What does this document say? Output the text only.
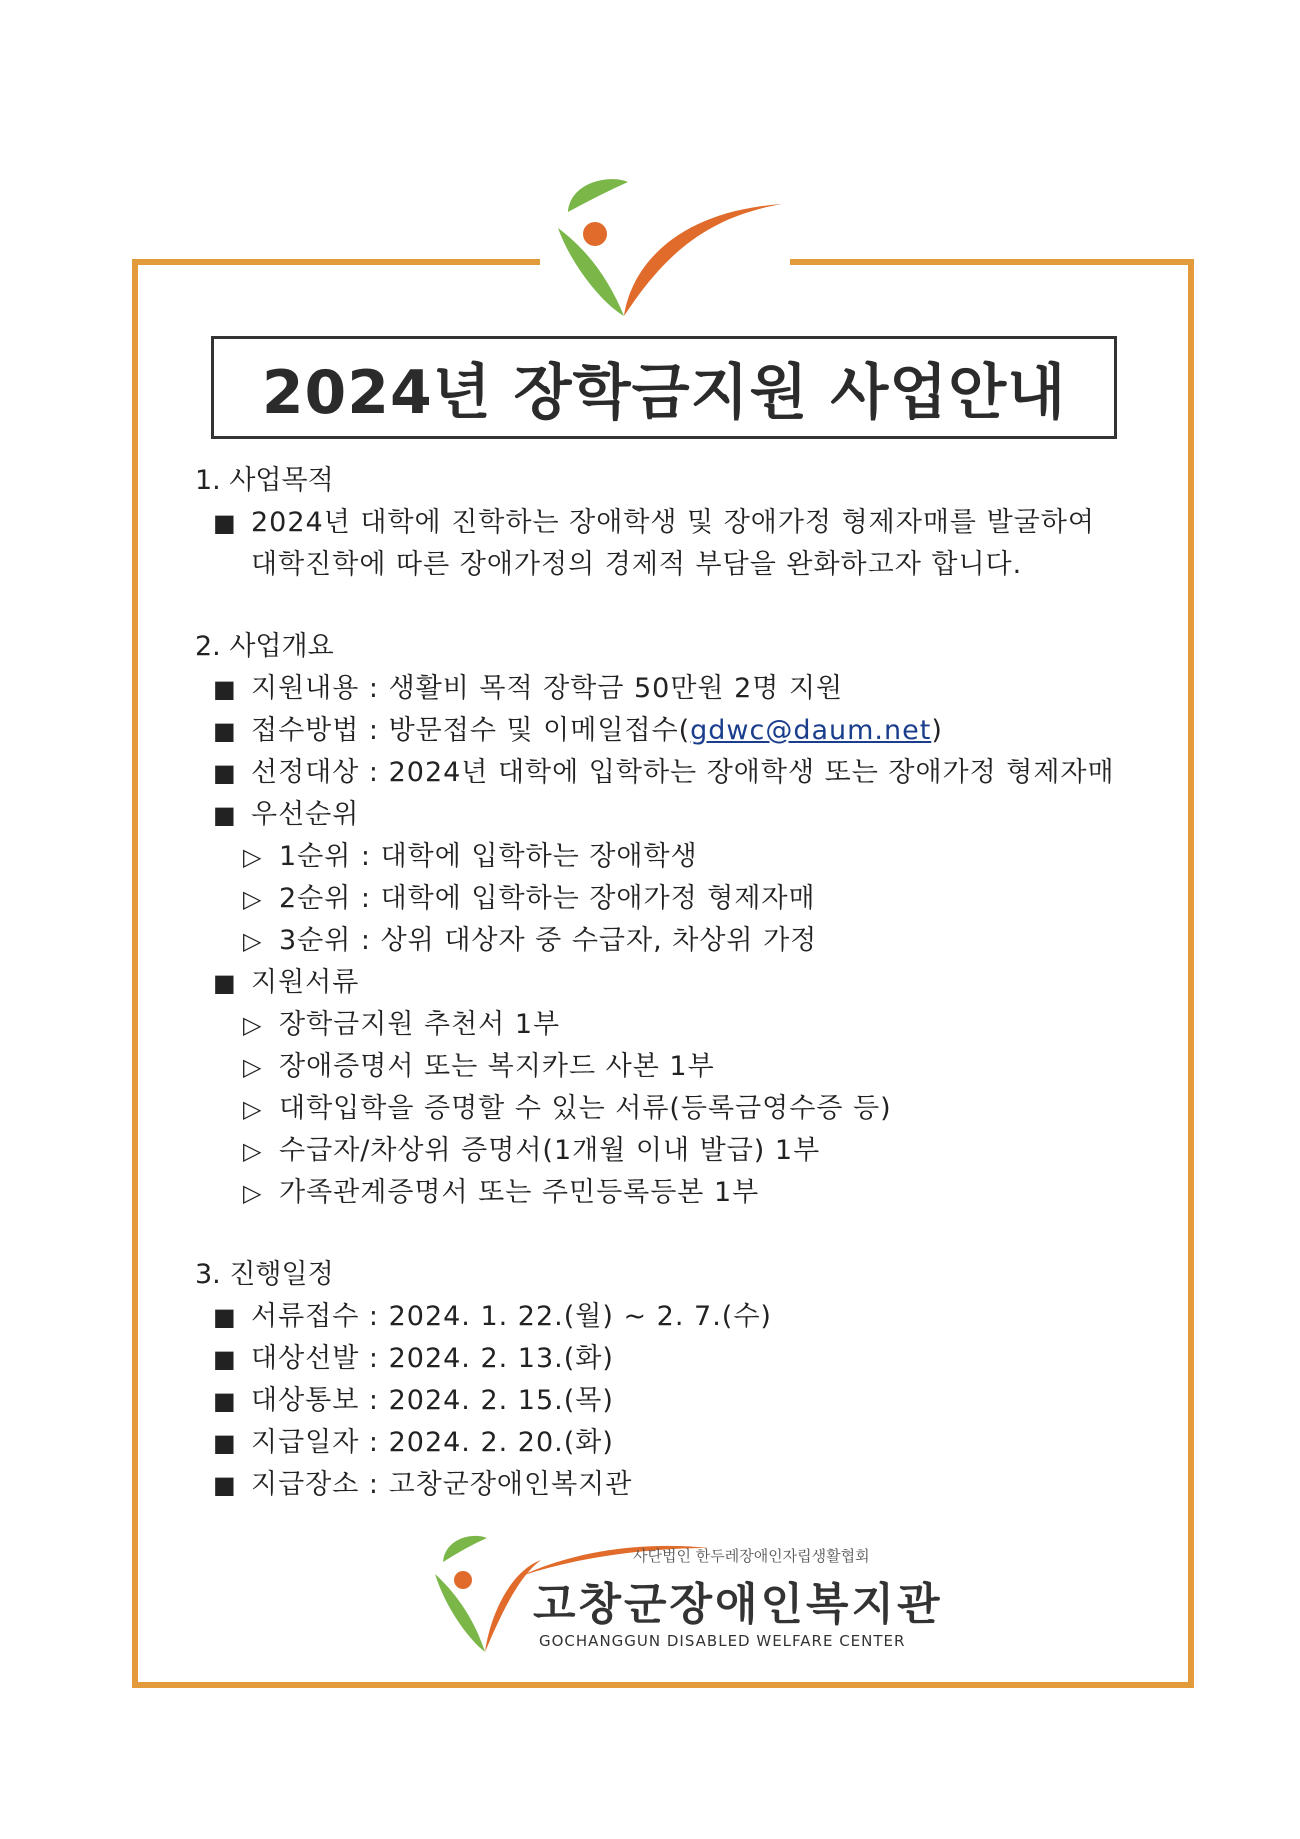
2024년 장학금지원 사업안내
1. 사업목적
■ 2024년 대학에 진학하는 장애학생 및 장애가정 형제자매를 발굴하여
대학진학에 따른 장애가정의 경제적 부담을 완화하고자 합니다.
2. 사업개요
■ 지원내용 : 생활비 목적 장학금 50만원 2명 지원
■ 접수방법 : 방문접수 및 이메일접수(gdwc@daum.net)
■ 선정대상 : 2024년 대학에 입학하는 장애학생 또는 장애가정 형제자매
■ 우선순위
▷ 1순위 : 대학에 입학하는 장애학생
▷ 2순위 : 대학에 입학하는 장애가정 형제자매
▷ 3순위 : 상위 대상자 중 수급자, 차상위 가정
■ 지원서류
▷ 장학금지원 추천서 1부
▷ 장애증명서 또는 복지카드 사본 1부
▷ 대학입학을 증명할 수 있는 서류(등록금영수증 등)
▷ 수급자/차상위 증명서(1개월 이내 발급) 1부
▷ 가족관계증명서 또는 주민등록등본 1부
3. 진행일정
■ 서류접수 : 2024. 1. 22.(월) ~ 2. 7.(수)
■ 대상선발 : 2024. 2. 13.(화)
■ 대상통보 : 2024. 2. 15.(목)
■ 지급일자 : 2024. 2. 20.(화)
■ 지급장소 : 고창군장애인복지관
사단법인 한두레장애인자립생활협회
고창군장애인복지관
GOCHANGGUN DISABLED WELFARE CENTER
